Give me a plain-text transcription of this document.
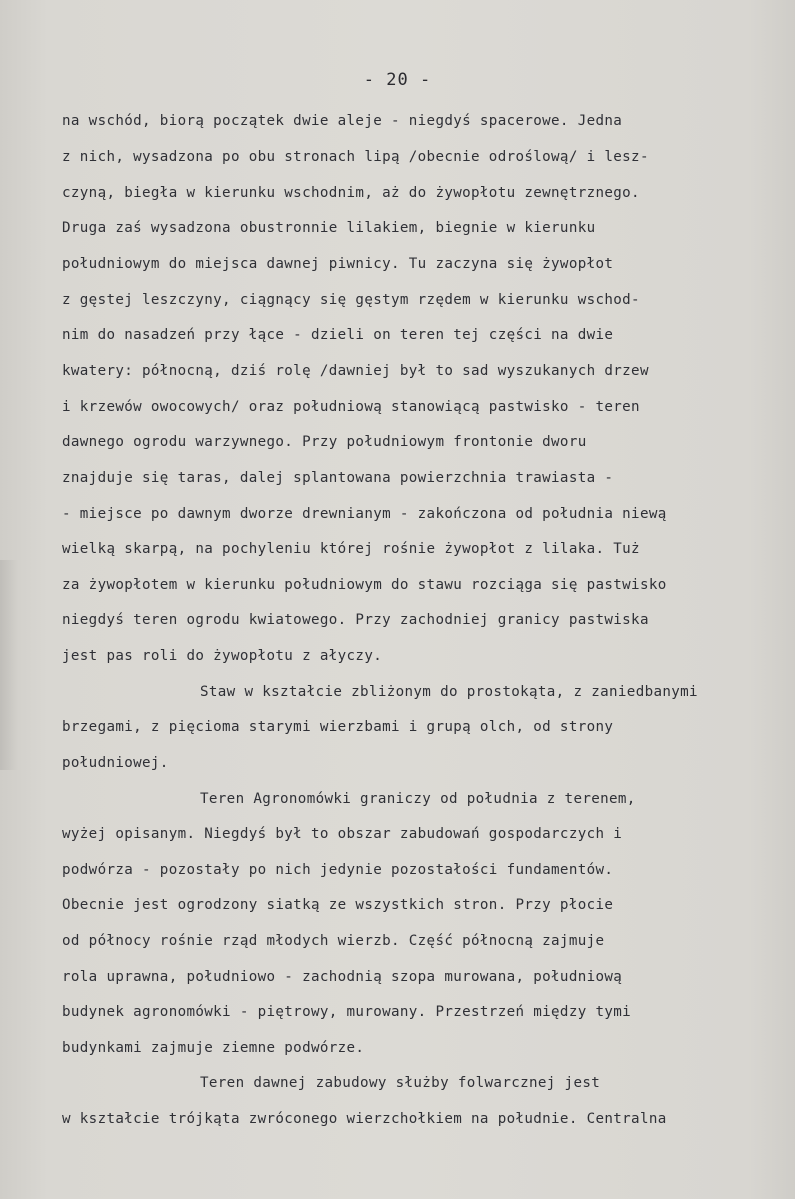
- 20 -
na wschód, biorą początek dwie aleje - niegdyś spacerowe. Jedna
z nich, wysadzona po obu stronach lipą /obecnie odroślową/ i lesz-
czyną, biegła w kierunku wschodnim, aż do żywopłotu zewnętrznego.
Druga zaś wysadzona obustronnie lilakiem, biegnie w kierunku
południowym do miejsca dawnej piwnicy. Tu zaczyna się żywopłot
z gęstej leszczyny, ciągnący się gęstym rzędem w kierunku wschod-
nim do nasadzeń przy łące - dzieli on teren tej części na dwie
kwatery: północną, dziś rolę /dawniej był to sad wyszukanych drzew
i krzewów owocowych/ oraz południową stanowiącą pastwisko - teren
dawnego ogrodu warzywnego. Przy południowym frontonie dworu
znajduje się taras, dalej splantowana powierzchnia trawiasta -
- miejsce po dawnym dworze drewnianym - zakończona od południa niewą
wielką skarpą, na pochyleniu której rośnie żywopłot z lilaka. Tuż
za żywopłotem w kierunku południowym do stawu rozciąga się pastwisko
niegdyś teren ogrodu kwiatowego. Przy zachodniej granicy pastwiska
jest pas roli do żywopłotu z ałyczy.
Staw w kształcie zbliżonym do prostokąta, z zaniedbanymi
brzegami, z pięcioma starymi wierzbami i grupą olch, od strony
południowej.
Teren Agronomówki graniczy od południa z terenem,
wyżej opisanym. Niegdyś był to obszar zabudowań gospodarczych i
podwórza - pozostały po nich jedynie pozostałości fundamentów.
Obecnie jest ogrodzony siatką ze wszystkich stron. Przy płocie
od północy rośnie rząd młodych wierzb. Część północną zajmuje
rola uprawna, południowo - zachodnią szopa murowana, południową
budynek agronomówki - piętrowy, murowany. Przestrzeń między tymi
budynkami zajmuje ziemne podwórze.
Teren dawnej zabudowy służby folwarcznej jest
w kształcie trójkąta zwróconego wierzchołkiem na południe. Centralna
